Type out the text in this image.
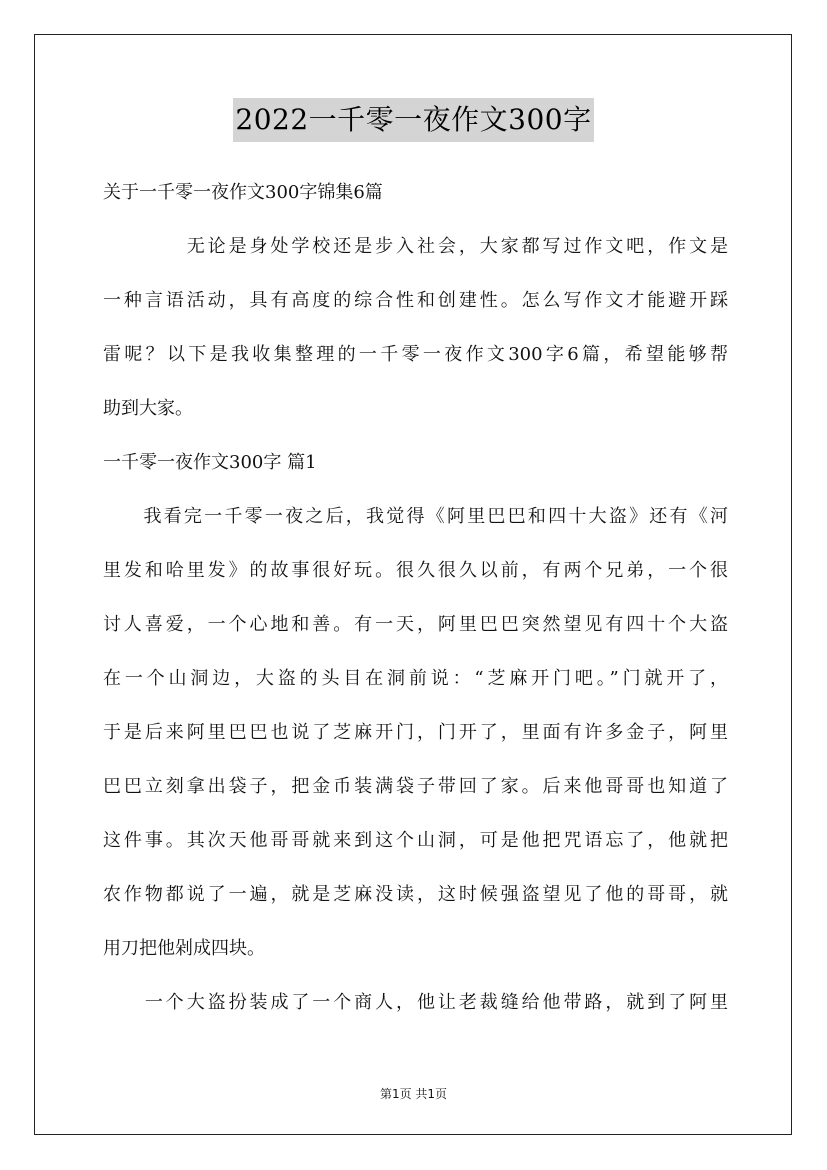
2022一千零一夜作文300字
关于一千零一夜作文300字锦集6篇
　　　　无论是身处学校还是步入社会，大家都写过作文吧，作文是
一种言语活动，具有高度的综合性和创建性。怎么写作文才能避开踩
雷呢？以下是我收集整理的一千零一夜作文300字6篇，希望能够帮
助到大家。
一千零一夜作文300字 篇1
　　我看完一千零一夜之后，我觉得《阿里巴巴和四十大盗》还有《河
里发和哈里发》的故事很好玩。很久很久以前，有两个兄弟，一个很
讨人喜爱，一个心地和善。有一天，阿里巴巴突然望见有四十个大盗
在一个山洞边，大盗的头目在洞前说：“芝麻开门吧。”门就开了，
于是后来阿里巴巴也说了芝麻开门，门开了，里面有许多金子，阿里
巴巴立刻拿出袋子，把金币装满袋子带回了家。后来他哥哥也知道了
这件事。其次天他哥哥就来到这个山洞，可是他把咒语忘了，他就把
农作物都说了一遍，就是芝麻没读，这时候强盗望见了他的哥哥，就
用刀把他剁成四块。
　　一个大盗扮装成了一个商人，他让老裁缝给他带路，就到了阿里
第1页 共1页
